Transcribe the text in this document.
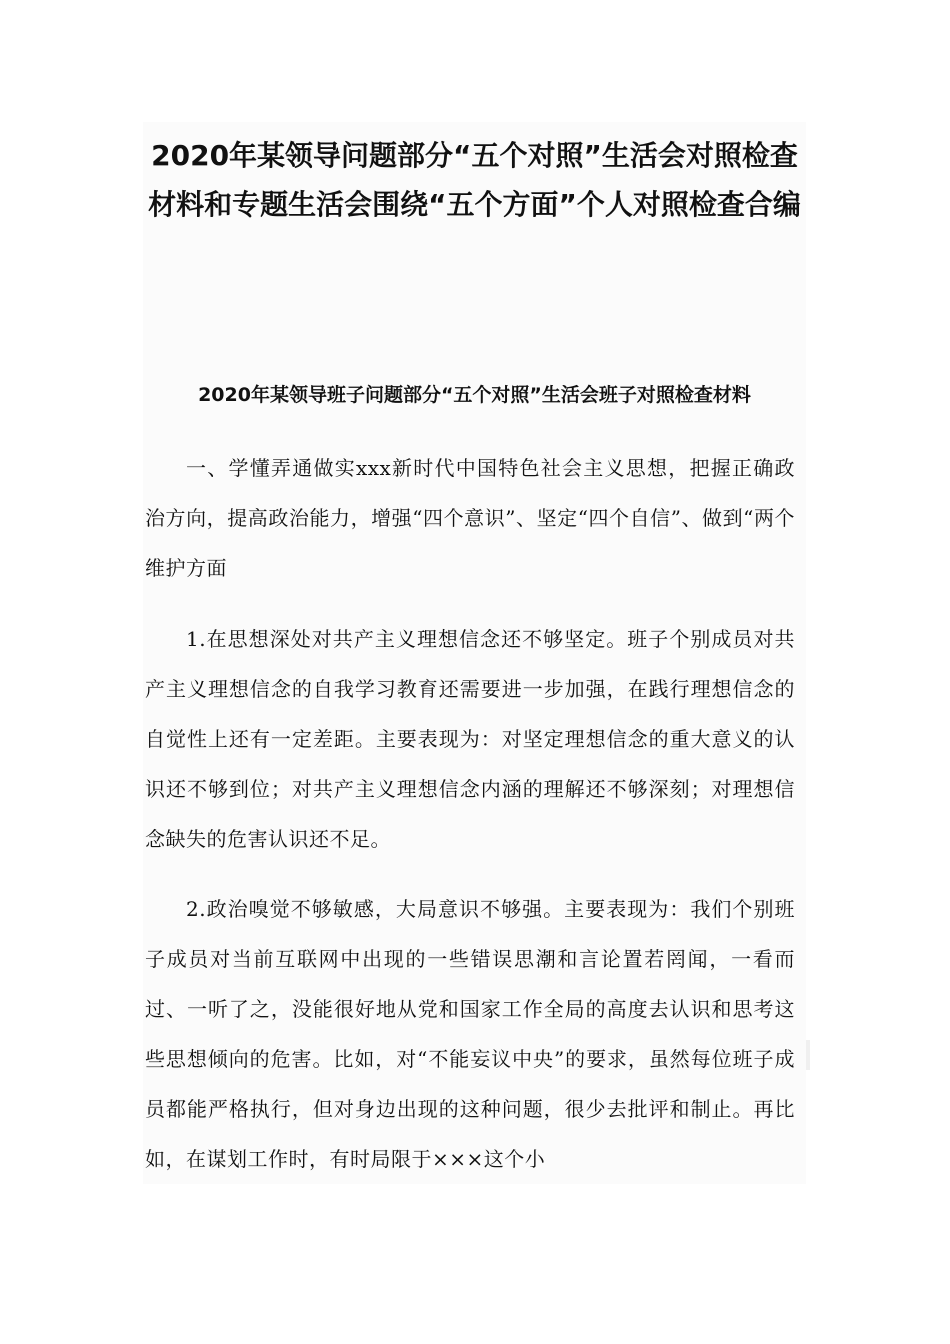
2020年某领导问题部分“五个对照”生活会对照检查材料和专题生活会围绕“五个方面”个人对照检查合编
2020年某领导班子问题部分“五个对照”生活会班子对照检查材料

一、学懂弄通做实xxx新时代中国特色社会主义思想，把握正确政治方向，提高政治能力，增强“四个意识”、坚定“四个自信”、做到“两个维护方面

1.在思想深处对共产主义理想信念还不够坚定。班子个别成员对共产主义理想信念的自我学习教育还需要进一步加强，在践行理想信念的自觉性上还有一定差距。主要表现为：对坚定理想信念的重大意义的认识还不够到位；对共产主义理想信念内涵的理解还不够深刻；对理想信念缺失的危害认识还不足。

2.政治嗅觉不够敏感，大局意识不够强。主要表现为：我们个别班子成员对当前互联网中出现的一些错误思潮和言论置若罔闻，一看而过、一听了之，没能很好地从党和国家工作全局的高度去认识和思考这些思想倾向的危害。比如，对“不能妄议中央”的要求，虽然每位班子成员都能严格执行，但对身边出现的这种问题，很少去批评和制止。再比如，在谋划工作时，有时局限于×××这个小
